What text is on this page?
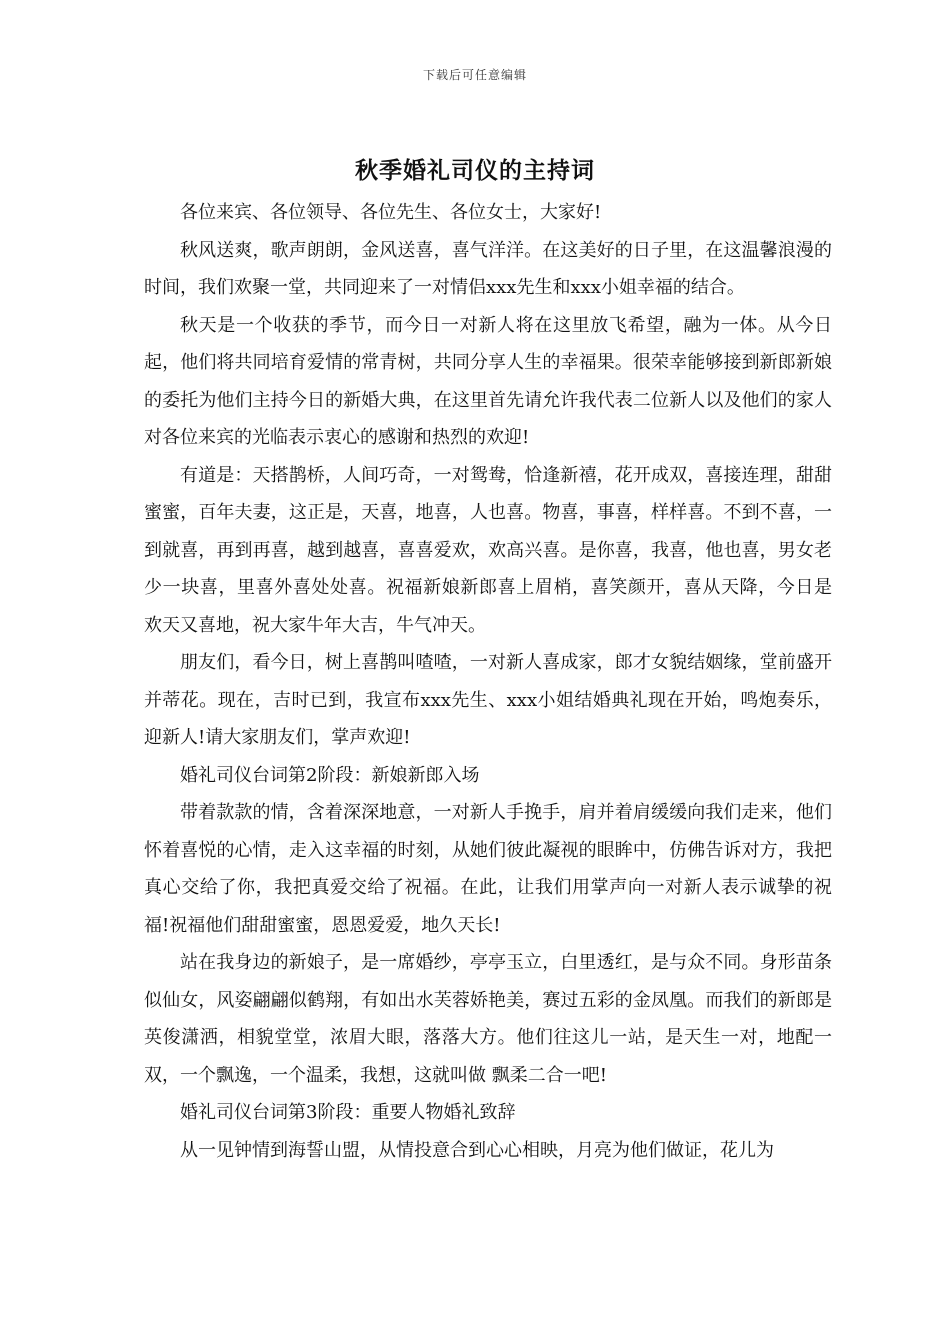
下载后可任意编辑
秋季婚礼司仪的主持词

各位来宾、各位领导、各位先生、各位女士，大家好!

秋风送爽，歌声朗朗，金风送喜，喜气洋洋。在这美好的日子里，在这温馨浪漫的时间，我们欢聚一堂，共同迎来了一对情侣xxx先生和xxx小姐幸福的结合。

秋天是一个收获的季节，而今日一对新人将在这里放飞希望，融为一体。从今日起，他们将共同培育爱情的常青树，共同分享人生的幸福果。很荣幸能够接到新郎新娘的委托为他们主持今日的新婚大典，在这里首先请允许我代表二位新人以及他们的家人对各位来宾的光临表示衷心的感谢和热烈的欢迎!

有道是：天搭鹊桥，人间巧奇，一对鸳鸯，恰逢新禧，花开成双，喜接连理，甜甜蜜蜜，百年夫妻，这正是，天喜，地喜，人也喜。物喜，事喜，样样喜。不到不喜，一到就喜，再到再喜，越到越喜，喜喜爱欢，欢高兴喜。是你喜，我喜，他也喜，男女老少一块喜，里喜外喜处处喜。祝福新娘新郎喜上眉梢，喜笑颜开，喜从天降，今日是 欢天又喜地，祝大家牛年大吉，牛气冲天。

朋友们，看今日，树上喜鹊叫喳喳，一对新人喜成家，郎才女貌结姻缘，堂前盛开并蒂花。现在，吉时已到，我宣布xxx先生、xxx小姐结婚典礼现在开始，鸣炮奏乐，迎新人!请大家朋友们，掌声欢迎!

婚礼司仪台词第2阶段：新娘新郎入场

带着款款的情，含着深深地意，一对新人手挽手，肩并着肩缓缓向我们走来，他们怀着喜悦的心情，走入这幸福的时刻，从她们彼此凝视的眼眸中，仿佛告诉对方，我把真心交给了你，我把真爱交给了祝福。在此，让我们用掌声向一对新人表示诚挚的祝福!祝福他们甜甜蜜蜜，恩恩爱爱，地久天长!

站在我身边的新娘子，是一席婚纱，亭亭玉立，白里透红，是与众不同。身形苗条似仙女，风姿翩翩似鹤翔，有如出水芙蓉娇艳美，赛过五彩的金凤凰。而我们的新郎是英俊潇洒，相貌堂堂，浓眉大眼，落落大方。他们往这儿一站，是天生一对，地配一双，一个飘逸，一个温柔，我想，这就叫做 飘柔二合一吧!

婚礼司仪台词第3阶段：重要人物婚礼致辞

从一见钟情到海誓山盟，从情投意合到心心相映，月亮为他们做证，花儿为
